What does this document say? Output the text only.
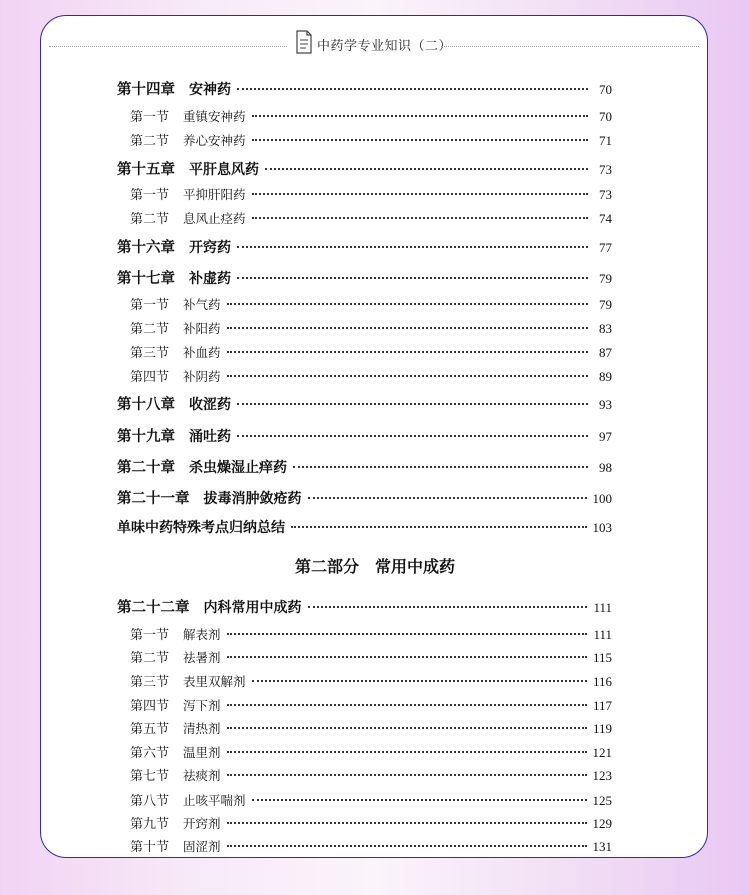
中药学专业知识（二）
第十四章 安神药	70
第一节 重镇安神药	70
第二节 养心安神药	71
第十五章 平肝息风药	73
第一节 平抑肝阳药	73
第二节 息风止痉药	74
第十六章 开窍药	77
第十七章 补虚药	79
第一节 补气药	79
第二节 补阳药	83
第三节 补血药	87
第四节 补阴药	89
第十八章 收涩药	93
第十九章 涌吐药	97
第二十章 杀虫燥湿止痒药	98
第二十一章 拔毒消肿敛疮药	100
单味中药特殊考点归纳总结	103
第二部分　常用中成药
第二十二章 内科常用中成药	111
第一节 解表剂	111
第二节 祛暑剂	115
第三节 表里双解剂	116
第四节 泻下剂	117
第五节 清热剂	119
第六节 温里剂	121
第七节 祛痰剂	123
第八节 止咳平喘剂	125
第九节 开窍剂	129
第十节 固涩剂	131
